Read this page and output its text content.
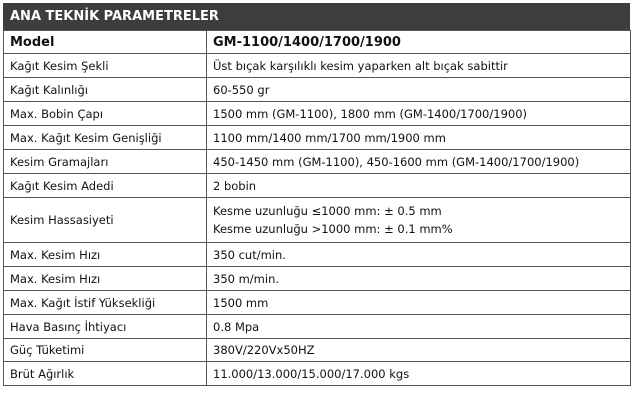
ANA TEKNİK PARAMETRELER
Model	GM-1100/1400/1700/1900
Kağıt Kesim Şekli	Üst bıçak karşılıklı kesim yaparken alt bıçak sabittir
Kağıt Kalınlığı	60-550 gr
Max. Bobin Çapı	1500 mm (GM-1100), 1800 mm (GM-1400/1700/1900)
Max. Kağıt Kesim Genişliği	1100 mm/1400 mm/1700 mm/1900 mm
Kesim Gramajları	450-1450 mm (GM-1100), 450-1600 mm (GM-1400/1700/1900)
Kağıt Kesim Adedi	2 bobin
Kesim Hassasiyeti	Kesme uzunluğu ≤1000 mm: ± 0.5 mm
Kesme uzunluğu >1000 mm: ± 0.1 mm%

Max. Kesim Hızı	350 cut/min.
Max. Kesim Hızı	350 m/min.
Max. Kağıt İstif Yüksekliği	1500 mm
Hava Basınç İhtiyacı	0.8 Mpa
Güç Tüketimi	380V/220Vx50HZ
Brüt Ağırlık	11.000/13.000/15.000/17.000 kgs
